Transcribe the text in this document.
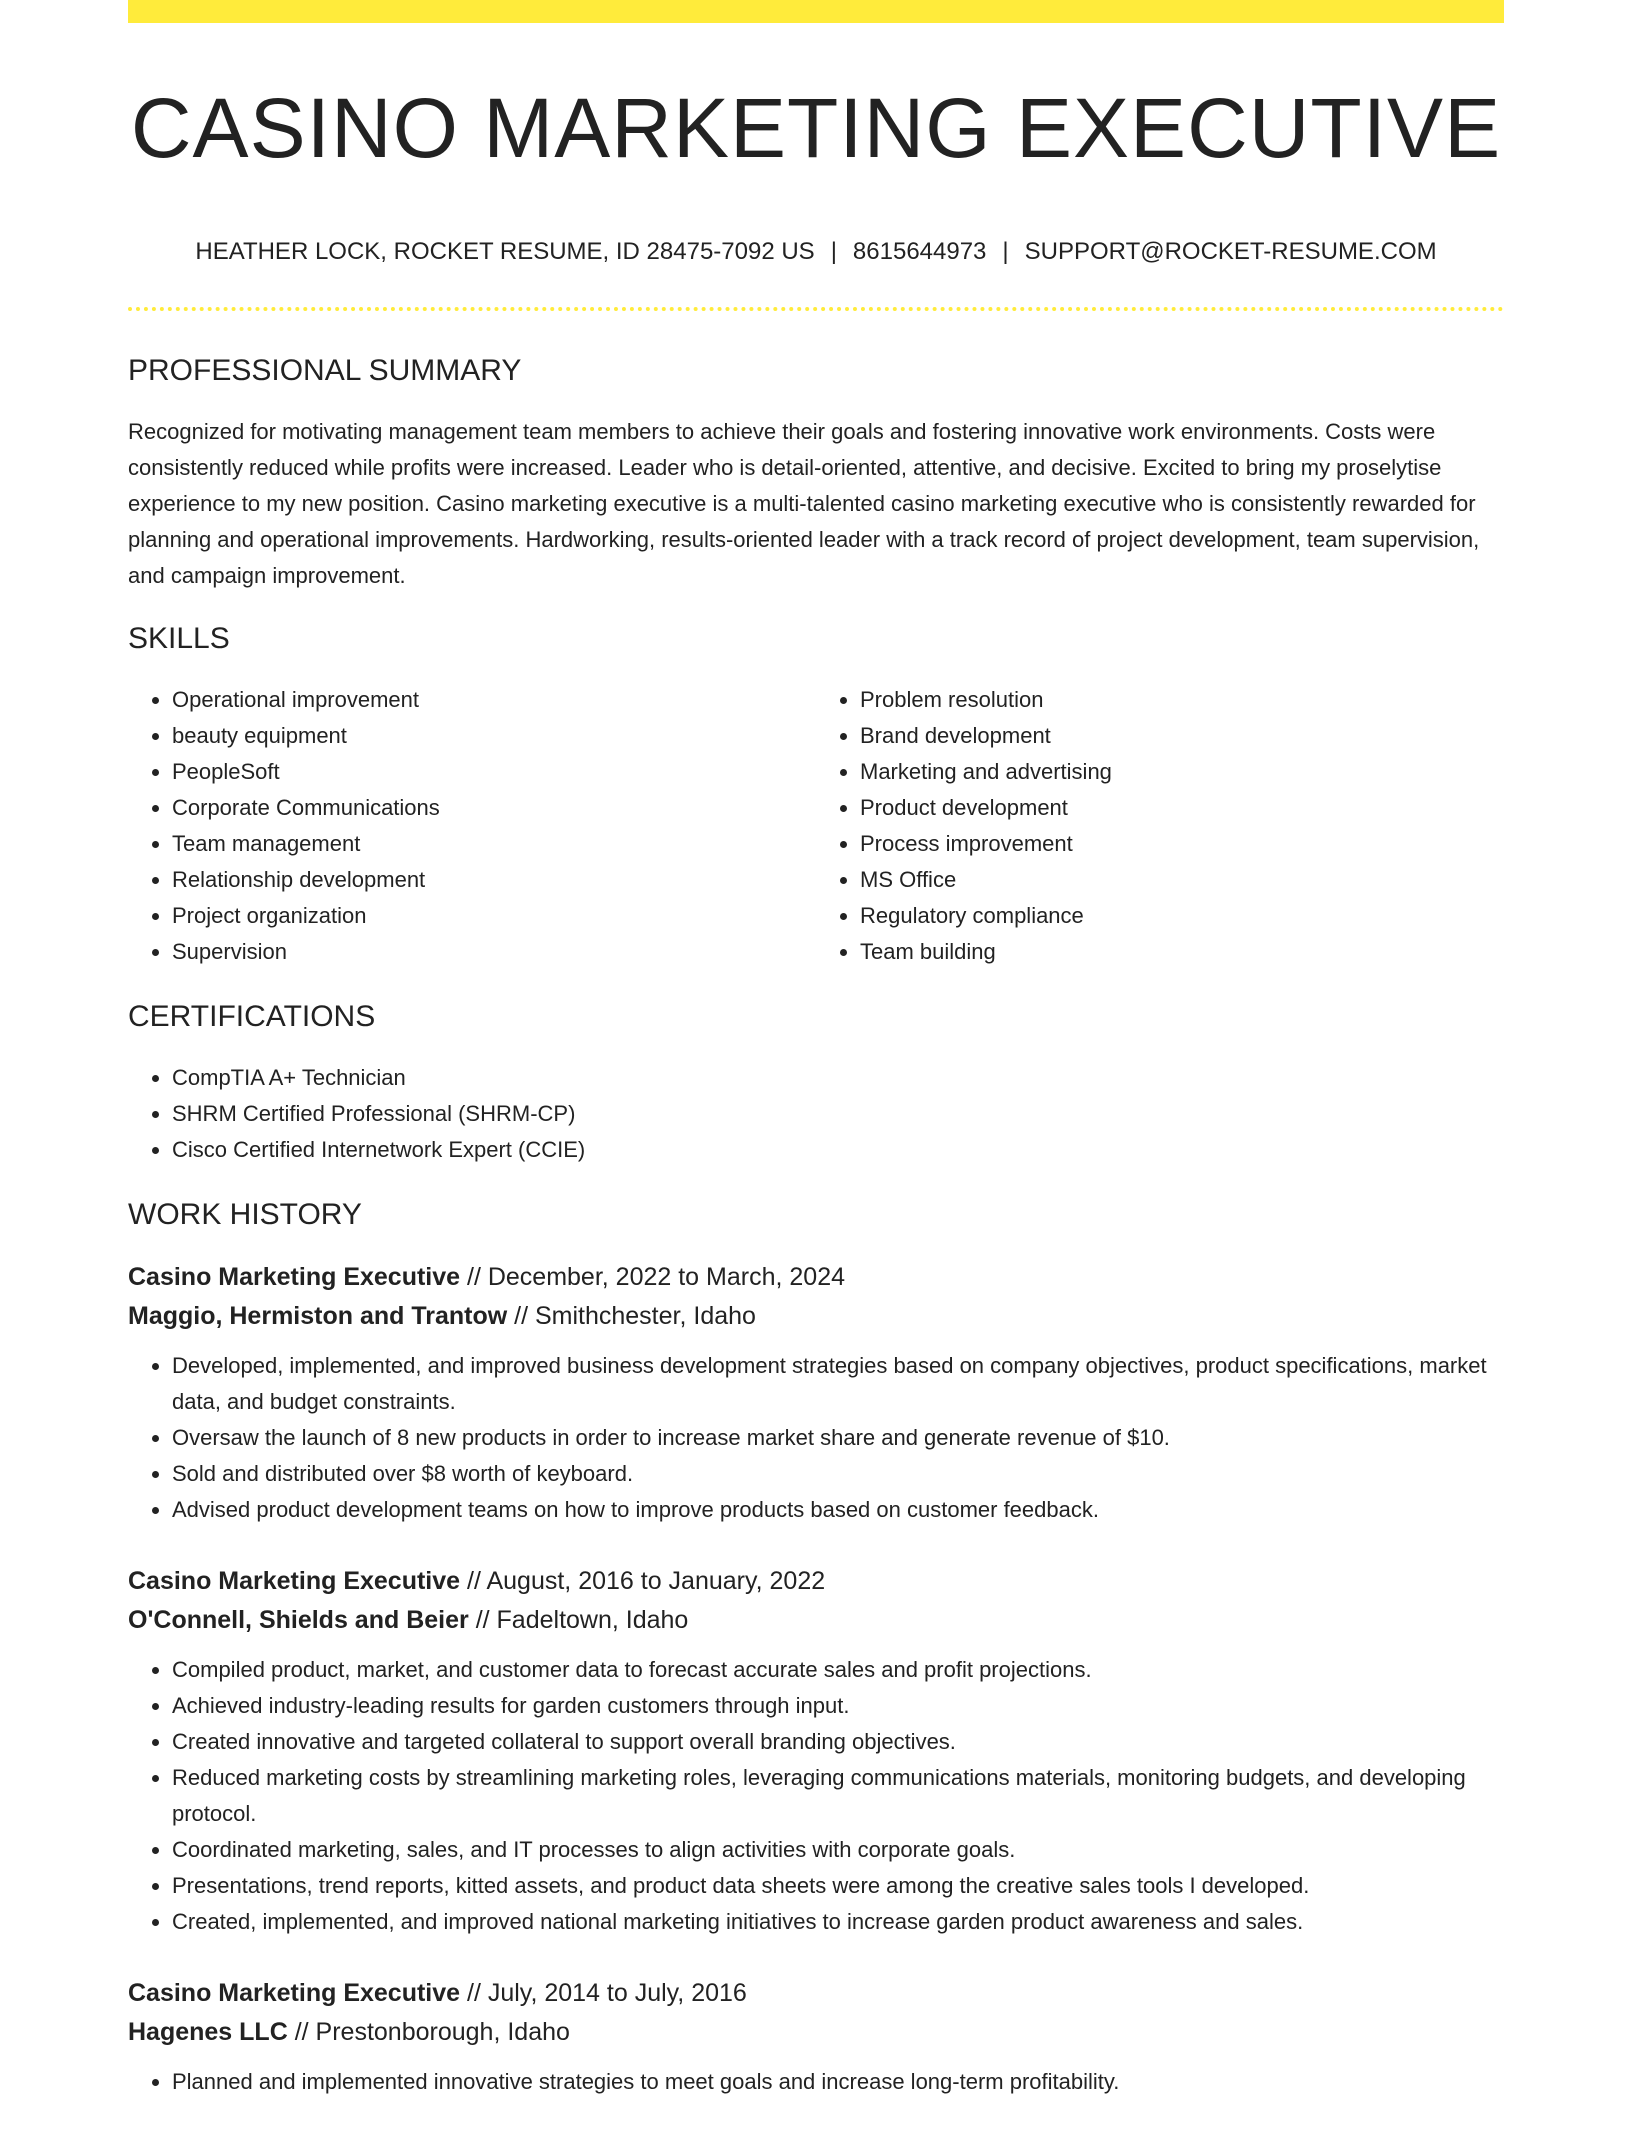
CASINO MARKETING EXECUTIVE
HEATHER LOCK, ROCKET RESUME, ID 28475-7092 US | 8615644973 | SUPPORT@ROCKET-RESUME.COM
PROFESSIONAL SUMMARY

Recognized for motivating management team members to achieve their goals and fostering innovative work environments. Costs were consistently reduced while profits were increased. Leader who is detail-oriented, attentive, and decisive. Excited to bring my proselytise experience to my new position. Casino marketing executive is a multi-talented casino marketing executive who is consistently rewarded for planning and operational improvements. Hardworking, results-oriented leader with a track record of project development, team supervision, and campaign improvement.

SKILLS
• Operational improvement
• beauty equipment
• PeopleSoft
• Corporate Communications
• Team management
• Relationship development
• Project organization
• Supervision
• Problem resolution
• Brand development
• Marketing and advertising
• Product development
• Process improvement
• MS Office
• Regulatory compliance
• Team building
CERTIFICATIONS
• CompTIA A+ Technician
• SHRM Certified Professional (SHRM-CP)
• Cisco Certified Internetwork Expert (CCIE)
WORK HISTORY

Casino Marketing Executive // December, 2022 to March, 2024

Maggio, Hermiston and Trantow // Smithchester, Idaho

• Developed, implemented, and improved business development strategies based on company objectives, product specifications, market data, and budget constraints.
• Oversaw the launch of 8 new products in order to increase market share and generate revenue of $10.
• Sold and distributed over $8 worth of keyboard.
• Advised product development teams on how to improve products based on customer feedback.

Casino Marketing Executive // August, 2016 to January, 2022

O'Connell, Shields and Beier // Fadeltown, Idaho

• Compiled product, market, and customer data to forecast accurate sales and profit projections.
• Achieved industry-leading results for garden customers through input.
• Created innovative and targeted collateral to support overall branding objectives.
• Reduced marketing costs by streamlining marketing roles, leveraging communications materials, monitoring budgets, and developing protocol.
• Coordinated marketing, sales, and IT processes to align activities with corporate goals.
• Presentations, trend reports, kitted assets, and product data sheets were among the creative sales tools I developed.
• Created, implemented, and improved national marketing initiatives to increase garden product awareness and sales.

Casino Marketing Executive // July, 2014 to July, 2016

Hagenes LLC // Prestonborough, Idaho

• Planned and implemented innovative strategies to meet goals and increase long-term profitability.
